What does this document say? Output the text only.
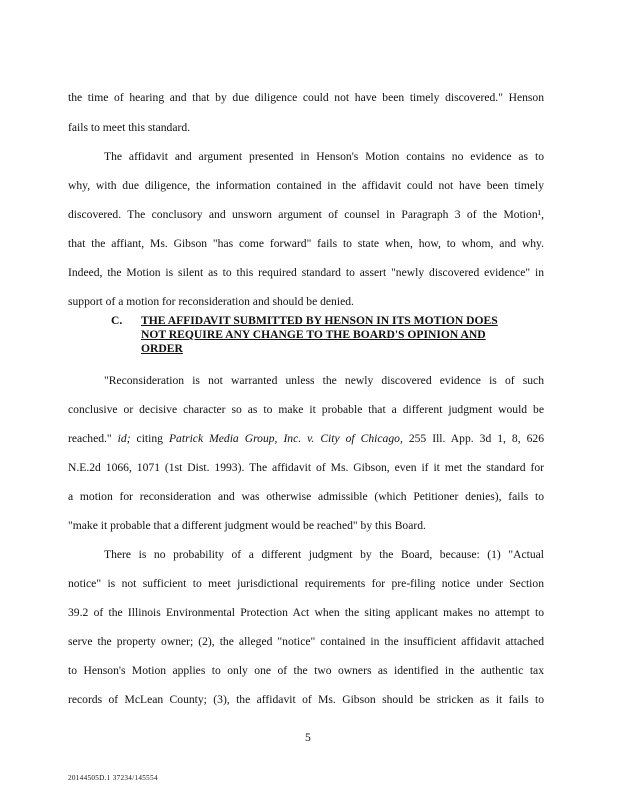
the time of hearing and that by due diligence could not have been timely discovered." Henson
fails to meet this standard.
The affidavit and argument presented in Henson's Motion contains no evidence as to
why, with due diligence, the information contained in the affidavit could not have been timely
discovered. The conclusory and unsworn argument of counsel in Paragraph 3 of the Motion¹,
that the affiant, Ms. Gibson "has come forward" fails to state when, how, to whom, and why.
Indeed, the Motion is silent as to this required standard to assert "newly discovered evidence" in
support of a motion for reconsideration and should be denied.
C. THE AFFIDAVIT SUBMITTED BY HENSON IN ITS MOTION DOES
NOT REQUIRE ANY CHANGE TO THE BOARD'S OPINION AND
ORDER
"Reconsideration is not warranted unless the newly discovered evidence is of such
conclusive or decisive character so as to make it probable that a different judgment would be
reached." id; citing Patrick Media Group, Inc. v. City of Chicago, 255 Ill. App. 3d 1, 8, 626
N.E.2d 1066, 1071 (1st Dist. 1993). The affidavit of Ms. Gibson, even if it met the standard for
a motion for reconsideration and was otherwise admissible (which Petitioner denies), fails to
"make it probable that a different judgment would be reached" by this Board.
There is no probability of a different judgment by the Board, because: (1) "Actual
notice" is not sufficient to meet jurisdictional requirements for pre-filing notice under Section
39.2 of the Illinois Environmental Protection Act when the siting applicant makes no attempt to
serve the property owner; (2), the alleged "notice" contained in the insufficient affidavit attached
to Henson's Motion applies to only one of the two owners as identified in the authentic tax
records of McLean County; (3), the affidavit of Ms. Gibson should be stricken as it fails to
5
20144505D.1 37234/145554
